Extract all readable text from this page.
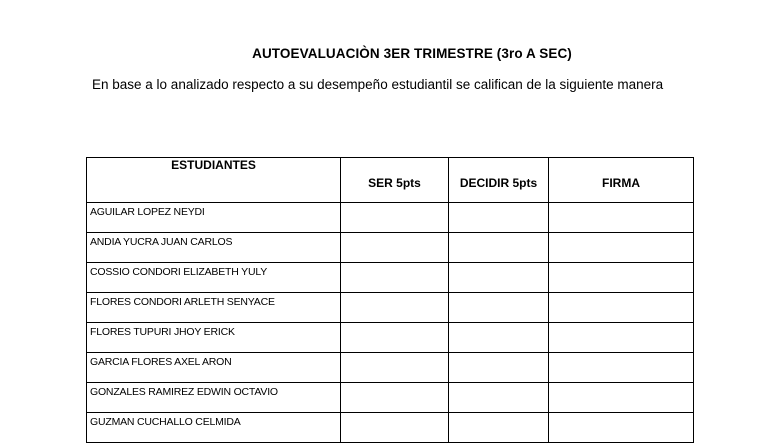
AUTOEVALUACIÒN 3ER TRIMESTRE (3ro A SEC)
En base a lo analizado respecto a su desempeño estudiantil se califican de la siguiente manera
ESTUDIANTES	SER 5pts	DECIDIR 5pts	FIRMA

AGUILAR LOPEZ NEYDI			

ANDIA YUCRA JUAN CARLOS			

COSSIO CONDORI ELIZABETH YULY			

FLORES CONDORI ARLETH SENYACE			

FLORES TUPURI JHOY ERICK			

GARCIA FLORES AXEL ARON			

GONZALES RAMIREZ EDWIN OCTAVIO			

GUZMAN CUCHALLO CELMIDA			
